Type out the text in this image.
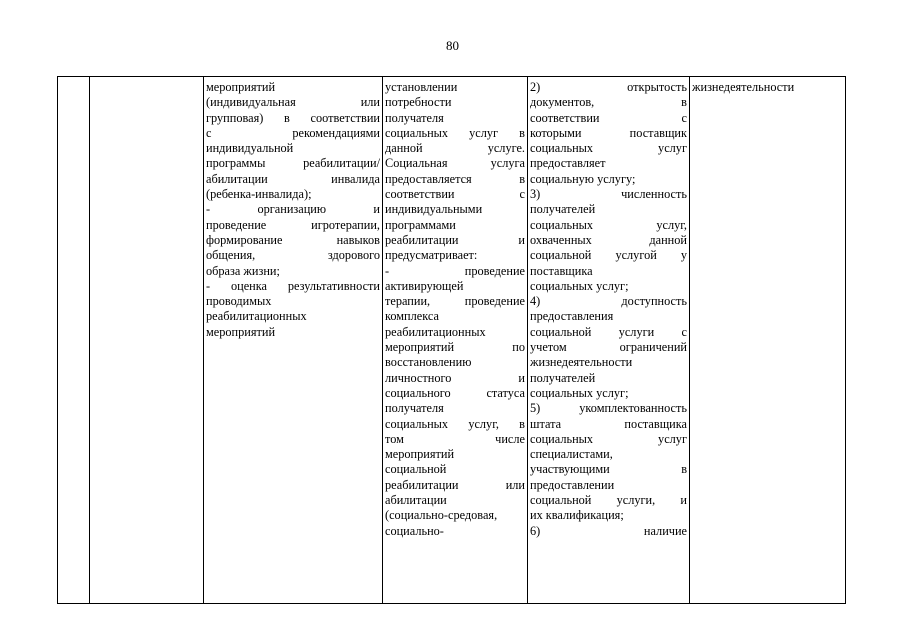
80

мероприятий
(индивидуальная или
групповая) в соответствии
с рекомендациями
индивидуальной
программы реабилитации/
абилитации инвалида
(ребенка-инвалида);
- организацию и
проведение игротерапии,
формирование навыков
общения, здорового
образа жизни;
- оценка результативности
проводимых
реабилитационных
мероприятий

установлении
потребности
получателя
социальных услуг в
данной услуге.
Социальная услуга
предоставляется в
соответствии с
индивидуальными
программами
реабилитации и
предусматривает:
- проведение
активирующей
терапии, проведение
комплекса
реабилитационных
мероприятий по
восстановлению
личностного и
социального статуса
получателя
социальных услуг, в
том числе
мероприятий
социальной
реабилитации или
абилитации
(социально-средовая,
социально-

2) открытость
документов, в
соответствии с
которыми поставщик
социальных услуг
предоставляет
социальную услугу;
3) численность
получателей
социальных услуг,
охваченных данной
социальной услугой у
поставщика
социальных услуг;
4) доступность
предоставления
социальной услуги с
учетом ограничений
жизнедеятельности
получателей
социальных услуг;
5) укомплектованность
штата поставщика
социальных услуг
специалистами,
участвующими в
предоставлении
социальной услуги, и
их квалификация;
6) наличие

жизнедеятельности
